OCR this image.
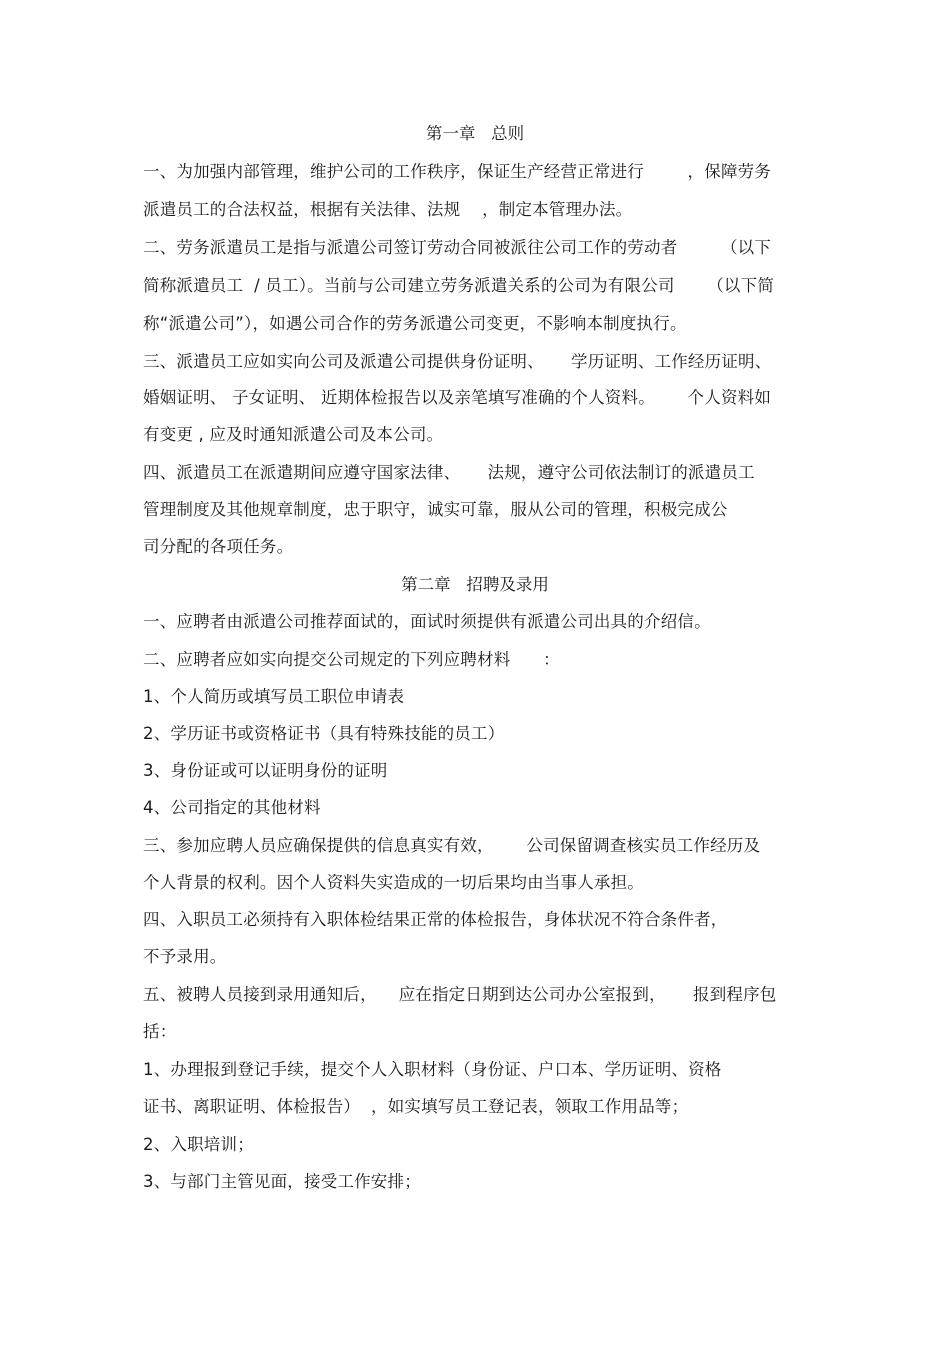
第一章   总则
一、为加强内部管理，维护公司的工作秩序，保证生产经营正常进行        ，保障劳务
派遣员工的合法权益，根据有关法律、法规    ，制定本管理办法。
二、劳务派遣员工是指与派遣公司签订劳动合同被派往公司工作的劳动者        （以下
简称派遣员工  / 员工）。当前与公司建立劳务派遣关系的公司为有限公司      （以下简
称“派遣公司”），如遇公司合作的劳务派遣公司变更，不影响本制度执行。
三、派遣员工应如实向公司及派遣公司提供身份证明、     学历证明、工作经历证明、
婚姻证明、 子女证明、 近期体检报告以及亲笔填写准确的个人资料。      个人资料如
有变更 , 应及时通知派遣公司及本公司。
四、派遣员工在派遣期间应遵守国家法律、     法规，遵守公司依法制订的派遣员工
管理制度及其他规章制度，忠于职守，诚实可靠，服从公司的管理，积极完成公
司分配的各项任务。
第二章   招聘及录用
一、应聘者由派遣公司推荐面试的，面试时须提供有派遣公司出具的介绍信。
二、应聘者应如实向提交公司规定的下列应聘材料      ：
1、个人简历或填写员工职位申请表
2、学历证书或资格证书（具有特殊技能的员工）
3、身份证或可以证明身份的证明
4、公司指定的其他材料
三、参加应聘人员应确保提供的信息真实有效，      公司保留调查核实员工作经历及
个人背景的权利。因个人资料失实造成的一切后果均由当事人承担。
四、入职员工必须持有入职体检结果正常的体检报告，身体状况不符合条件者，
不予录用。
五、被聘人员接到录用通知后，    应在指定日期到达公司办公室报到，     报到程序包
括：
1、办理报到登记手续，提交个人入职材料（身份证、户口本、学历证明、资格
证书、离职证明、体检报告）  ，如实填写员工登记表，领取工作用品等；
2、入职培训；
3、与部门主管见面，接受工作安排；
